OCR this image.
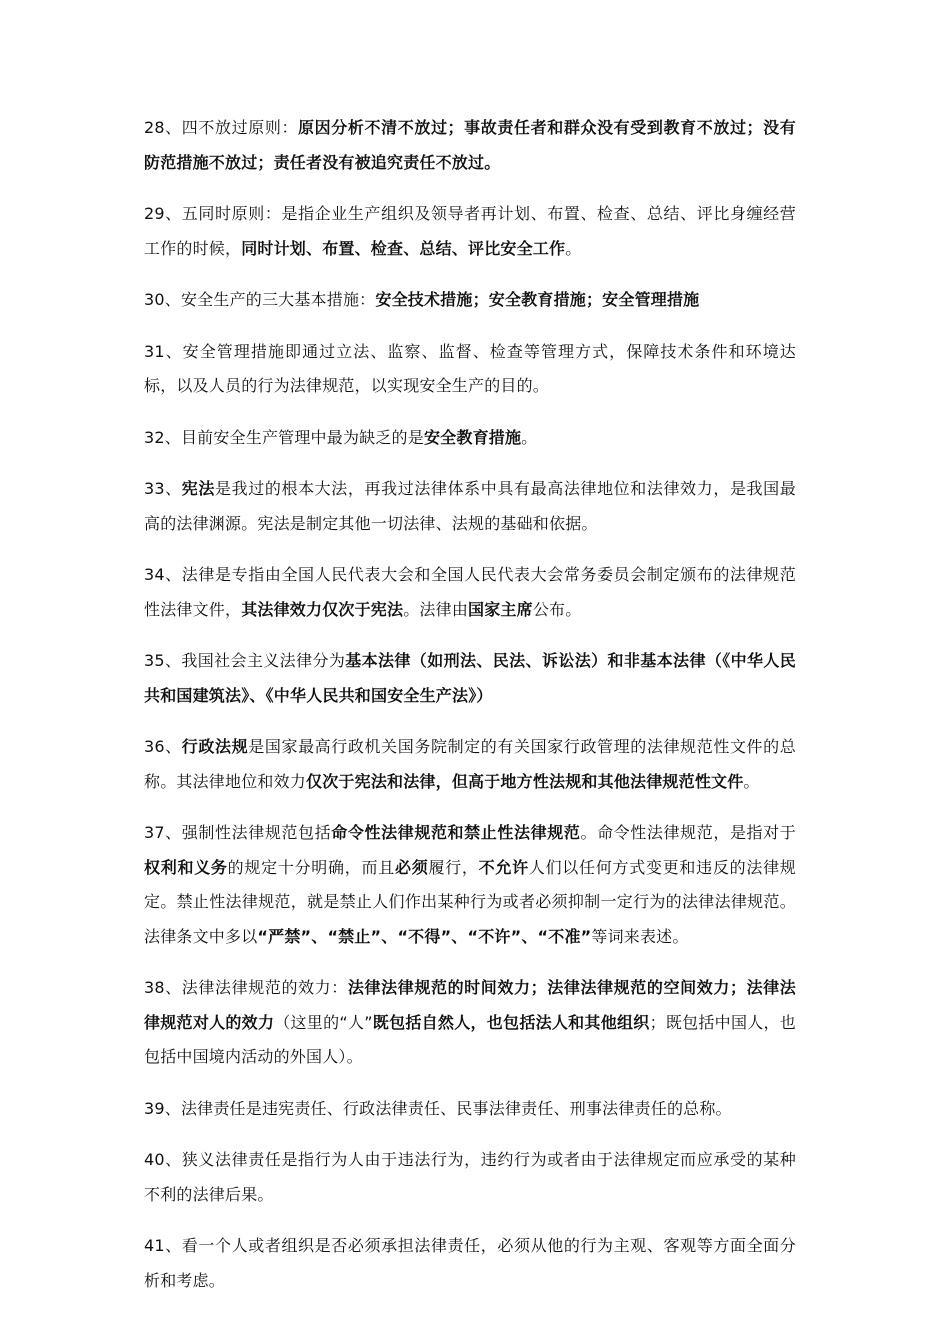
28、四不放过原则：原因分析不清不放过；事故责任者和群众没有受到教育不放过；没有防范措施不放过；责任者没有被追究责任不放过。

29、五同时原则：是指企业生产组织及领导者再计划、布置、检查、总结、评比身缠经营工作的时候，同时计划、布置、检查、总结、评比安全工作。

30、安全生产的三大基本措施：安全技术措施；安全教育措施；安全管理措施

31、安全管理措施即通过立法、监察、监督、检查等管理方式，保障技术条件和环境达标，以及人员的行为法律规范，以实现安全生产的目的。

32、目前安全生产管理中最为缺乏的是安全教育措施。

33、宪法是我过的根本大法，再我过法律体系中具有最高法律地位和法律效力，是我国最高的法律渊源。宪法是制定其他一切法律、法规的基础和依据。

34、法律是专指由全国人民代表大会和全国人民代表大会常务委员会制定颁布的法律规范性法律文件，其法律效力仅次于宪法。法律由国家主席公布。

35、我国社会主义法律分为基本法律（如刑法、民法、诉讼法）和非基本法律（《中华人民共和国建筑法》、《中华人民共和国安全生产法》）

36、行政法规是国家最高行政机关国务院制定的有关国家行政管理的法律规范性文件的总称。其法律地位和效力仅次于宪法和法律，但高于地方性法规和其他法律规范性文件。

37、强制性法律规范包括命令性法律规范和禁止性法律规范。命令性法律规范，是指对于权利和义务的规定十分明确，而且必须履行，不允许人们以任何方式变更和违反的法律规定。禁止性法律规范，就是禁止人们作出某种行为或者必须抑制一定行为的法律法律规范。法律条文中多以“严禁”、“禁止”、“不得”、“不许”、“不准”等词来表述。

38、法律法律规范的效力：法律法律规范的时间效力；法律法律规范的空间效力；法律法律规范对人的效力（这里的“人”既包括自然人，也包括法人和其他组织；既包括中国人，也包括中国境内活动的外国人）。

39、法律责任是违宪责任、行政法律责任、民事法律责任、刑事法律责任的总称。

40、狭义法律责任是指行为人由于违法行为，违约行为或者由于法律规定而应承受的某种不利的法律后果。

41、看一个人或者组织是否必须承担法律责任，必须从他的行为主观、客观等方面全面分析和考虑。
